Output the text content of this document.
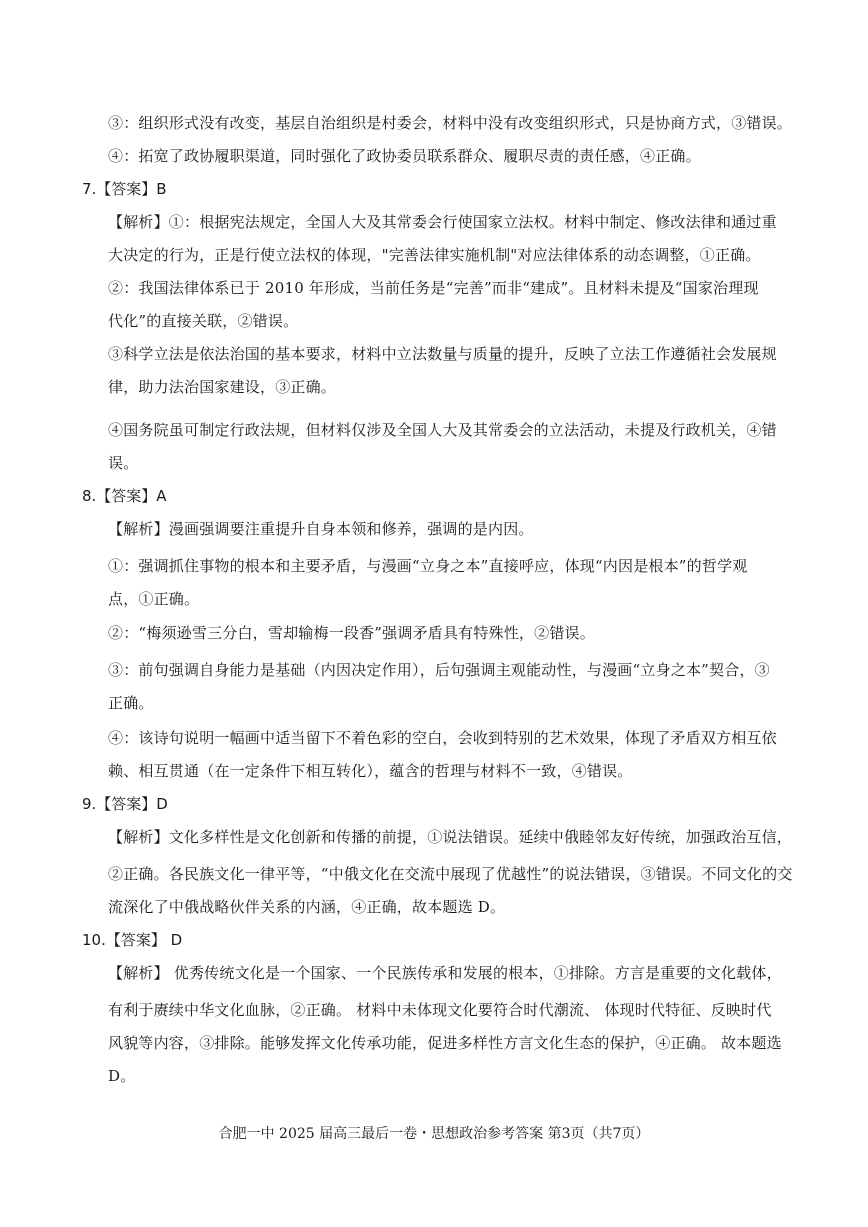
③：组织形式没有改变，基层自治组织是村委会，材料中没有改变组织形式，只是协商方式，③错误。
④：拓宽了政协履职渠道，同时强化了政协委员联系群众、履职尽责的责任感，④正确。
7.【答案】B
【解析】①：根据宪法规定，全国人大及其常委会行使国家立法权。材料中制定、修改法律和通过重
大决定的行为，正是行使立法权的体现，"完善法律实施机制"对应法律体系的动态调整，①正确。
②：我国法律体系已于 2010 年形成，当前任务是“完善”而非“建成”。且材料未提及“国家治理现
代化”的直接关联，②错误。
③科学立法是依法治国的基本要求，材料中立法数量与质量的提升，反映了立法工作遵循社会发展规
律，助力法治国家建设，③正确。
④国务院虽可制定行政法规，但材料仅涉及全国人大及其常委会的立法活动，未提及行政机关，④错
误。
8.【答案】A
【解析】漫画强调要注重提升自身本领和修养，强调的是内因。
①：强调抓住事物的根本和主要矛盾，与漫画“立身之本”直接呼应，体现“内因是根本”的哲学观
点，①正确。
②：“梅须逊雪三分白，雪却输梅一段香”强调矛盾具有特殊性，②错误。
③：前句强调自身能力是基础（内因决定作用），后句强调主观能动性，与漫画“立身之本”契合，③
正确。
④：该诗句说明一幅画中适当留下不着色彩的空白，会收到特别的艺术效果，体现了矛盾双方相互依
赖、相互贯通（在一定条件下相互转化），蕴含的哲理与材料不一致，④错误。
9.【答案】D
【解析】文化多样性是文化创新和传播的前提，①说法错误。延续中俄睦邻友好传统，加强政治互信，
②正确。各民族文化一律平等，“中俄文化在交流中展现了优越性”的说法错误，③错误。不同文化的交
流深化了中俄战略伙伴关系的内涵，④正确，故本题选 D。
10.【答案】 D
【解析】 优秀传统文化是一个国家、一个民族传承和发展的根本，①排除。方言是重要的文化载体，
有利于赓续中华文化血脉，②正确。 材料中未体现文化要符合时代潮流、 体现时代特征、反映时代
风貌等内容，③排除。能够发挥文化传承功能，促进多样性方言文化生态的保护，④正确。 故本题选
D。
合肥一中 2025 届高三最后一卷・思想政治参考答案 第3页（共7页）
